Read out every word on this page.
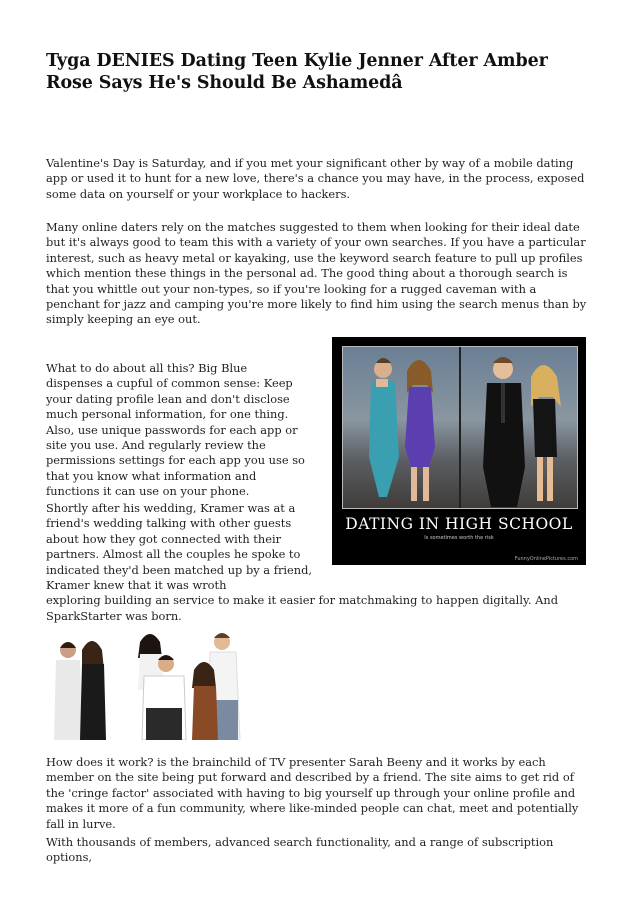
Tyga DENIES Dating Teen Kylie Jenner After Amber Rose Says He's Should Be Ashamedâ

Valentine's Day is Saturday, and if you met your significant other by way of a mobile dating app or used it to hunt for a new love, there's a chance you may have, in the process, exposed some data on yourself or your workplace to hackers.

Many online daters rely on the matches suggested to them when looking for their ideal date but it's always good to team this with a variety of your own searches. If you have a particular interest, such as heavy metal or kayaking, use the keyword search feature to pull up profiles which mention these things in the personal ad. The good thing about a thorough search is that you whittle out your non-types, so if you're looking for a rugged caveman with a penchant for jazz and camping you're more likely to find him using the search menus than by simply keeping an eye out.

DATING IN HIGH SCHOOL
Is sometimes worth the risk
FunnyOnlinePictures.com

What to do about all this? Big Blue dispenses a cupful of common sense: Keep your dating profile lean and don't disclose much personal information, for one thing. Also, use unique passwords for each app or site you use. And regularly review the permissions settings for each app you use so that you know what information and functions it can use on your phone.

Shortly after his wedding, Kramer was at a friend's wedding talking with other guests about how they got connected with their partners. Almost all the couples he spoke to indicated they'd been matched up by a friend, Kramer knew that it was wroth
exploring building an service to make it easier for matchmaking to happen digitally. And SparkStarter was born.

How does it work? is the brainchild of TV presenter Sarah Beeny and it works by each member on the site being put forward and described by a friend. The site aims to get rid of the 'cringe factor' associated with having to big yourself up through your online profile and makes it more of a fun community, where like-minded people can chat, meet and potentially fall in lurve.

With thousands of members, advanced search functionality, and a range of subscription options,
